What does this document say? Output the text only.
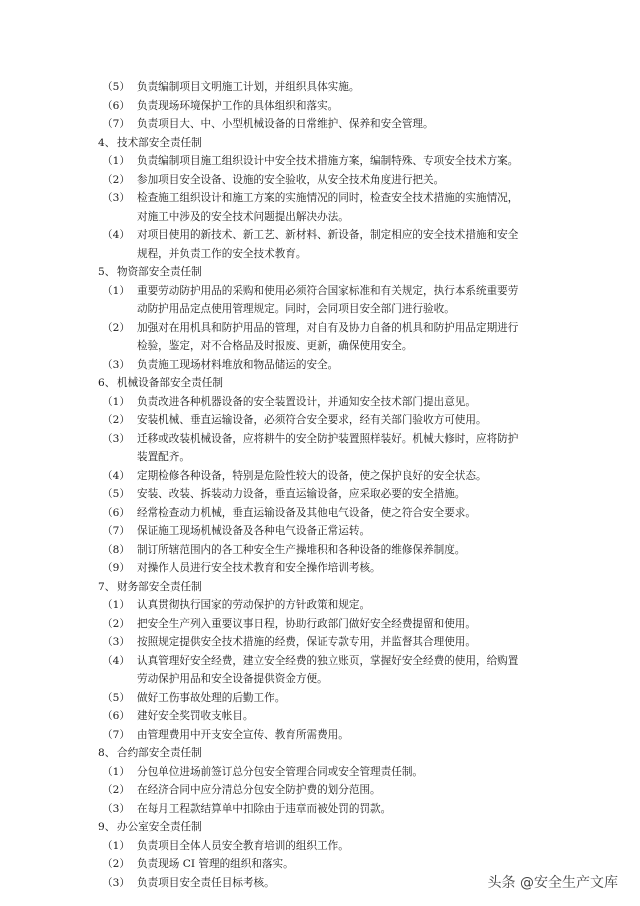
（5） 负责编制项目文明施工计划，并组织具体实施。
（6） 负责现场环境保护工作的具体组织和落实。
（7） 负责项目大、中、小型机械设备的日常维护、保养和安全管理。
4、 技术部安全责任制
（1） 负责编制项目施工组织设计中安全技术措施方案，编制特殊、专项安全技术方案。
（2） 参加项目安全设备、设施的安全验收，从安全技术角度进行把关。
（3） 检查施工组织设计和施工方案的实施情况的同时，检查安全技术措施的实施情况，
对施工中涉及的安全技术问题提出解决办法。
（4） 对项目使用的新技术、新工艺、新材料、新设备，制定相应的安全技术措施和安全
规程，并负责工作的安全技术教育。
5、 物资部安全责任制
（1） 重要劳动防护用品的采购和使用必须符合国家标准和有关规定，执行本系统重要劳
动防护用品定点使用管理规定。同时，会同项目安全部门进行验收。
（2） 加强对在用机具和防护用品的管理，对自有及协力自备的机具和防护用品定期进行
检验，鉴定，对不合格品及时报废、更新，确保使用安全。
（3） 负责施工现场材料堆放和物品储运的安全。
6、 机械设备部安全责任制
（1） 负责改进各种机器设备的安全装置设计，并通知安全技术部门提出意见。
（2） 安装机械、垂直运输设备，必须符合安全要求，经有关部门验收方可使用。
（3） 迁移或改装机械设备，应将耕牛的安全防护装置照样装好。机械大修时，应将防护
装置配齐。
（4） 定期检修各种设备，特别是危险性较大的设备，使之保护良好的安全状态。
（5） 安装、改装、拆装动力设备，垂直运输设备，应采取必要的安全措施。
（6） 经常检查动力机械，垂直运输设备及其他电气设备，使之符合安全要求。
（7） 保证施工现场机械设备及各种电气设备正常运转。
（8） 制订所辖范围内的各工种安全生产操堆积和各种设备的维修保养制度。
（9） 对操作人员进行安全技术教育和安全操作培训考核。
7、 财务部安全责任制
（1） 认真贯彻执行国家的劳动保护的方针政策和规定。
（2） 把安全生产列入重要议事日程，协助行政部门做好安全经费提留和使用。
（3） 按照规定提供安全技术措施的经费，保证专款专用，并监督其合理使用。
（4） 认真管理好安全经费，建立安全经费的独立账页，掌握好安全经费的使用，给购置
劳动保护用品和安全设备提供资金方便。
（5） 做好工伤事故处理的后勤工作。
（6） 建好安全奖罚收支帐目。
（7） 由管理费用中开支安全宣传、教育所需费用。
8、 合约部安全责任制
（1） 分包单位进场前签订总分包安全管理合同或安全管理责任制。
（2） 在经济合同中应分清总分包安全防护费的划分范围。
（3） 在每月工程款结算单中扣除由于违章而被处罚的罚款。
9、 办公室安全责任制
（1） 负责项目全体人员安全教育培训的组织工作。
（2） 负责现场 CI 管理的组织和落实。
（3） 负责项目安全责任目标考核。	头条 @安全生产文库
